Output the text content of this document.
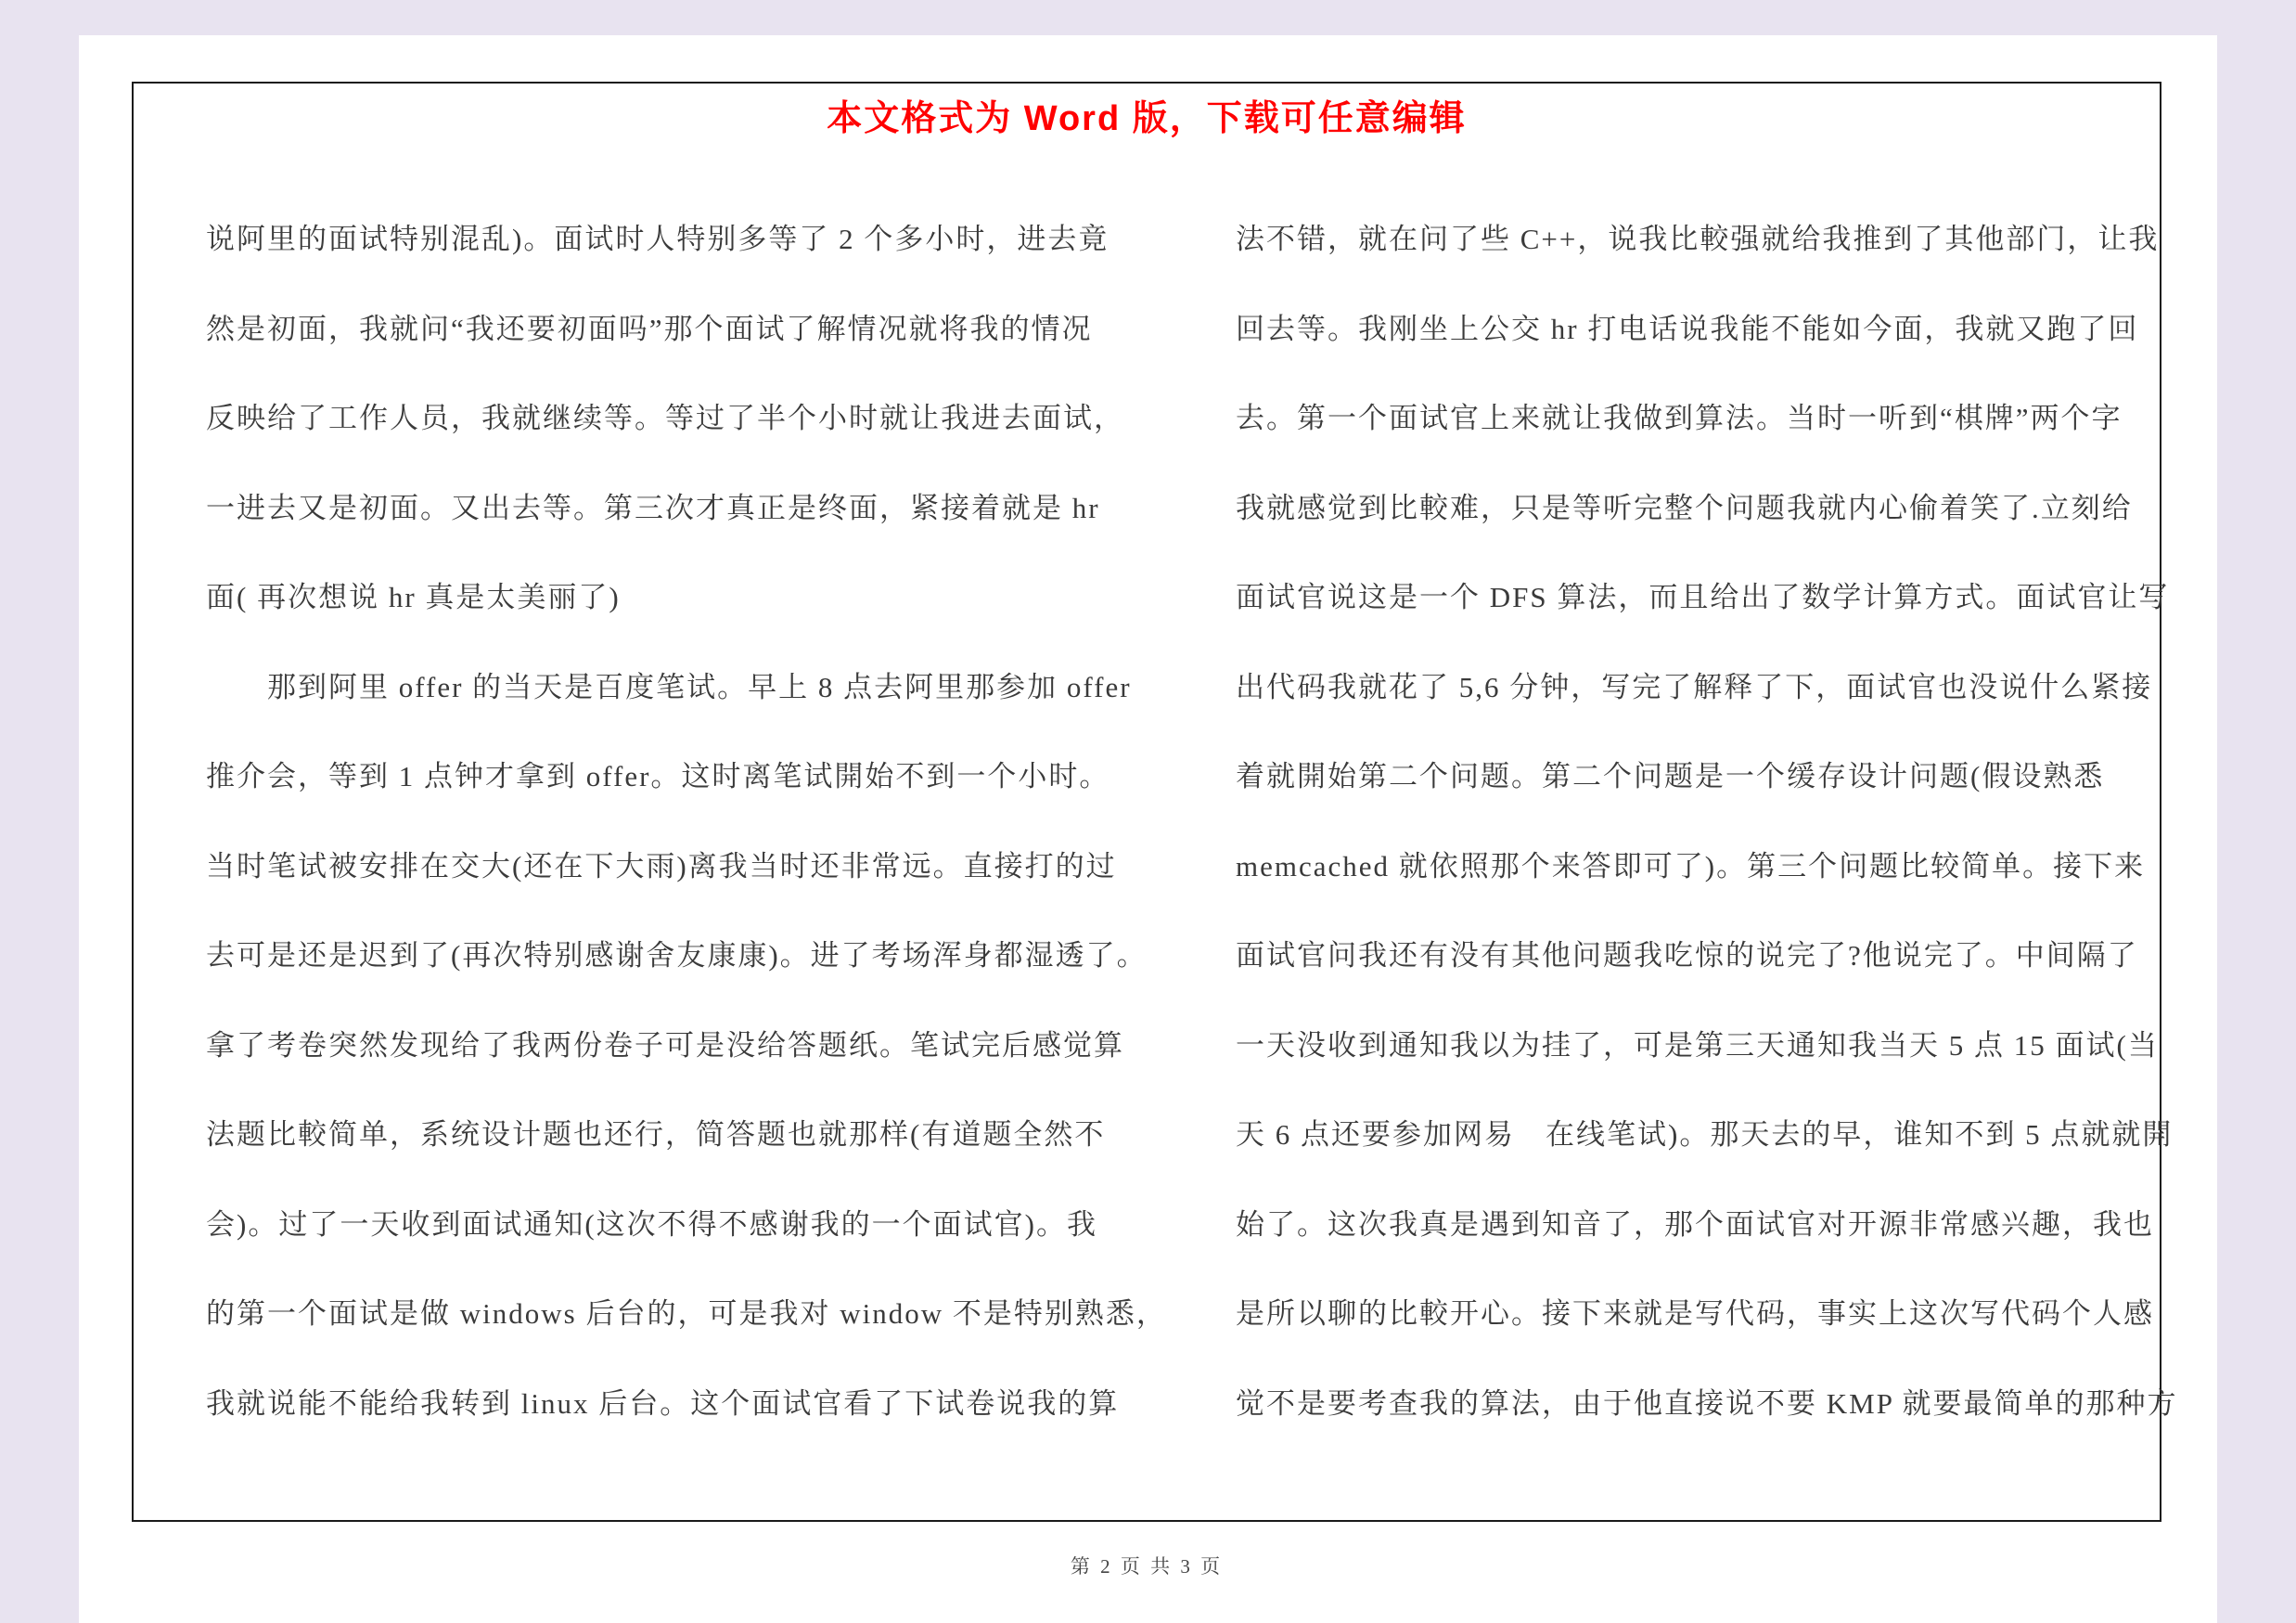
本文格式为 Word 版，下载可任意编辑
说阿里的面试特别混乱)。面试时人特别多等了 2 个多小时，进去竟
然是初面，我就问“我还要初面吗”那个面试了解情况就将我的情况
反映给了工作人员，我就继续等。等过了半个小时就让我进去面试，
一进去又是初面。又出去等。第三次才真正是终面，紧接着就是 hr
面( 再次想说 hr 真是太美丽了)
　　那到阿里 offer 的当天是百度笔试。早上 8 点去阿里那参加 offer
推介会，等到 1 点钟才拿到 offer。这时离笔试開始不到一个小时。
当时笔试被安排在交大(还在下大雨)离我当时还非常远。直接打的过
去可是还是迟到了(再次特别感谢舍友康康)。进了考场浑身都湿透了。
拿了考卷突然发现给了我两份卷子可是没给答题纸。笔试完后感觉算
法题比較简单，系统设计题也还行，简答题也就那样(有道题全然不
会)。过了一天收到面试通知(这次不得不感谢我的一个面试官)。我
的第一个面试是做 windows 后台的，可是我对 window 不是特别熟悉，
我就说能不能给我转到 linux 后台。这个面试官看了下试卷说我的算
法不错，就在问了些 C++，说我比較强就给我推到了其他部门，让我
回去等。我刚坐上公交 hr 打电话说我能不能如今面，我就又跑了回
去。第一个面试官上来就让我做到算法。当时一听到“棋牌”两个字
我就感觉到比較难，只是等听完整个问题我就内心偷着笑了.立刻给
面试官说这是一个 DFS 算法，而且给出了数学计算方式。面试官让写
出代码我就花了 5,6 分钟，写完了解释了下，面试官也没说什么紧接
着就開始第二个问题。第二个问题是一个缓存设计问题(假设熟悉
memcached 就依照那个来答即可了)。第三个问题比较简单。接下来
面试官问我还有没有其他问题我吃惊的说完了?他说完了。中间隔了
一天没收到通知我以为挂了，可是第三天通知我当天 5 点 15 面试(当
天 6 点还要参加网易　在线笔试)。那天去的早，谁知不到 5 点就就開
始了。这次我真是遇到知音了，那个面试官对开源非常感兴趣，我也
是所以聊的比較开心。接下来就是写代码，事实上这次写代码个人感
觉不是要考查我的算法，由于他直接说不要 KMP 就要最简单的那种方
第 2 页 共 3 页
